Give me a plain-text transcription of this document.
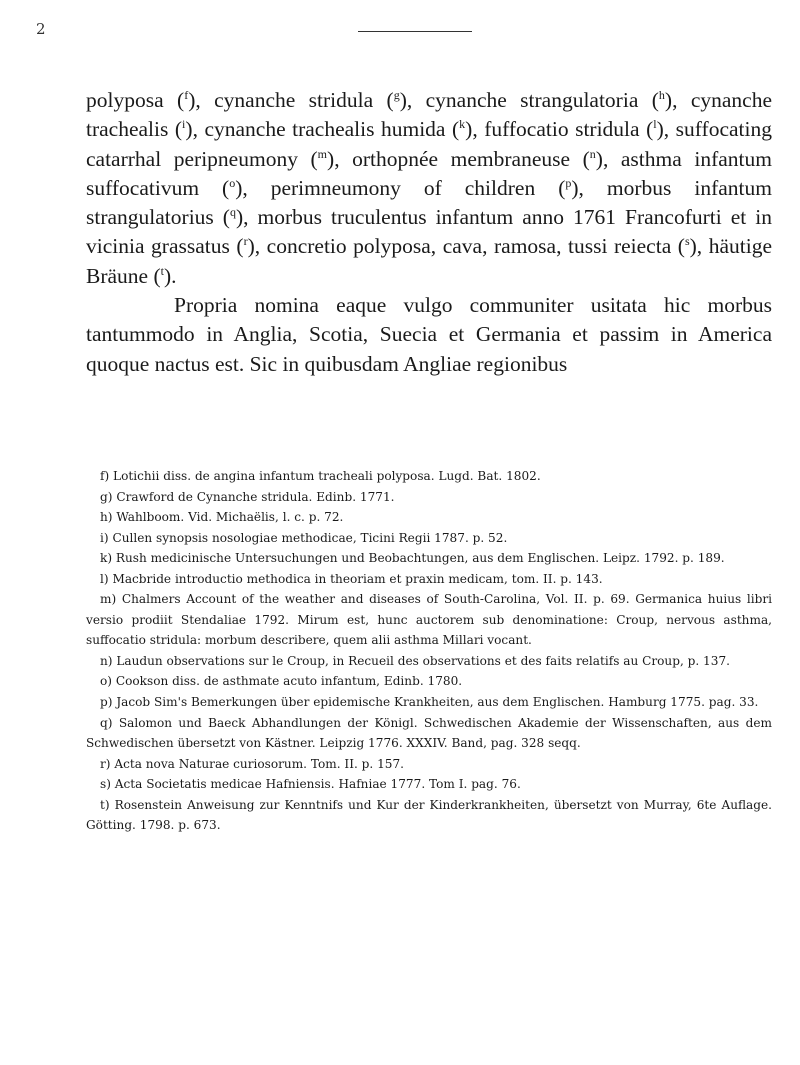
2

polyposa ($^f$), cynanche stridula ($^g$), cynanche strangulatoria ($^h$), cynanche trachealis ($^i$), cynanche trachealis humida ($^k$), fuffocatio stridula ($^l$), suffocating catarrhal peripneumony ($^m$), orthopnée membraneuse ($^n$), asthma infantum suffocativum ($^o$), perimneumony of children ($^p$), morbus infantum strangulatorius ($^q$), morbus truculentus infantum anno 1761 Francofurti et in vicinia grassatus ($^r$), concretio polyposa, cava, ramosa, tussi reiecta ($^s$), häutige Bräune ($^t$).

Propria nomina eaque vulgo communiter usitata hic morbus tantummodo in Anglia, Scotia, Suecia et Germania et passim in America quoque nactus est. Sic in quibusdam Angliae regionibus

f) Lotichii diss. de angina infantum tracheali polyposa. Lugd. Bat. 1802.

g) Crawford de Cynanche stridula. Edinb. 1771.

h) Wahlboom. Vid. Michaëlis, l. c. p. 72.

i) Cullen synopsis nosologiae methodicae, Ticini Regii 1787. p. 52.

k) Rush medicinische Untersuchungen und Beobachtungen, aus dem Englischen. Leipz. 1792. p. 189.

l) Macbride introductio methodica in theoriam et praxin medicam, tom. II. p. 143.

m) Chalmers Account of the weather and diseases of South-Carolina, Vol. II. p. 69. Germanica huius libri versio prodiit Stendaliae 1792. Mirum est, hunc auctorem sub denominatione: Croup, nervous asthma, suffocatio stridula: morbum describere, quem alii asthma Millari vocant.

n) Laudun observations sur le Croup, in Recueil des observations et des faits relatifs au Croup, p. 137.

o) Cookson diss. de asthmate acuto infantum, Edinb. 1780.

p) Jacob Sim's Bemerkungen über epidemische Krankheiten, aus dem Englischen. Hamburg 1775. pag. 33.

q) Salomon und Baeck Abhandlungen der Königl. Schwedischen Akademie der Wissenschaften, aus dem Schwedischen übersetzt von Kästner. Leipzig 1776. XXXIV. Band, pag. 328 seqq.

r) Acta nova Naturae curiosorum. Tom. II. p. 157.

s) Acta Societatis medicae Hafniensis. Hafniae 1777. Tom I. pag. 76.

t) Rosenstein Anweisung zur Kenntnifs und Kur der Kinderkrankheiten, übersetzt von Murray, 6te Auflage. Götting. 1798. p. 673.
